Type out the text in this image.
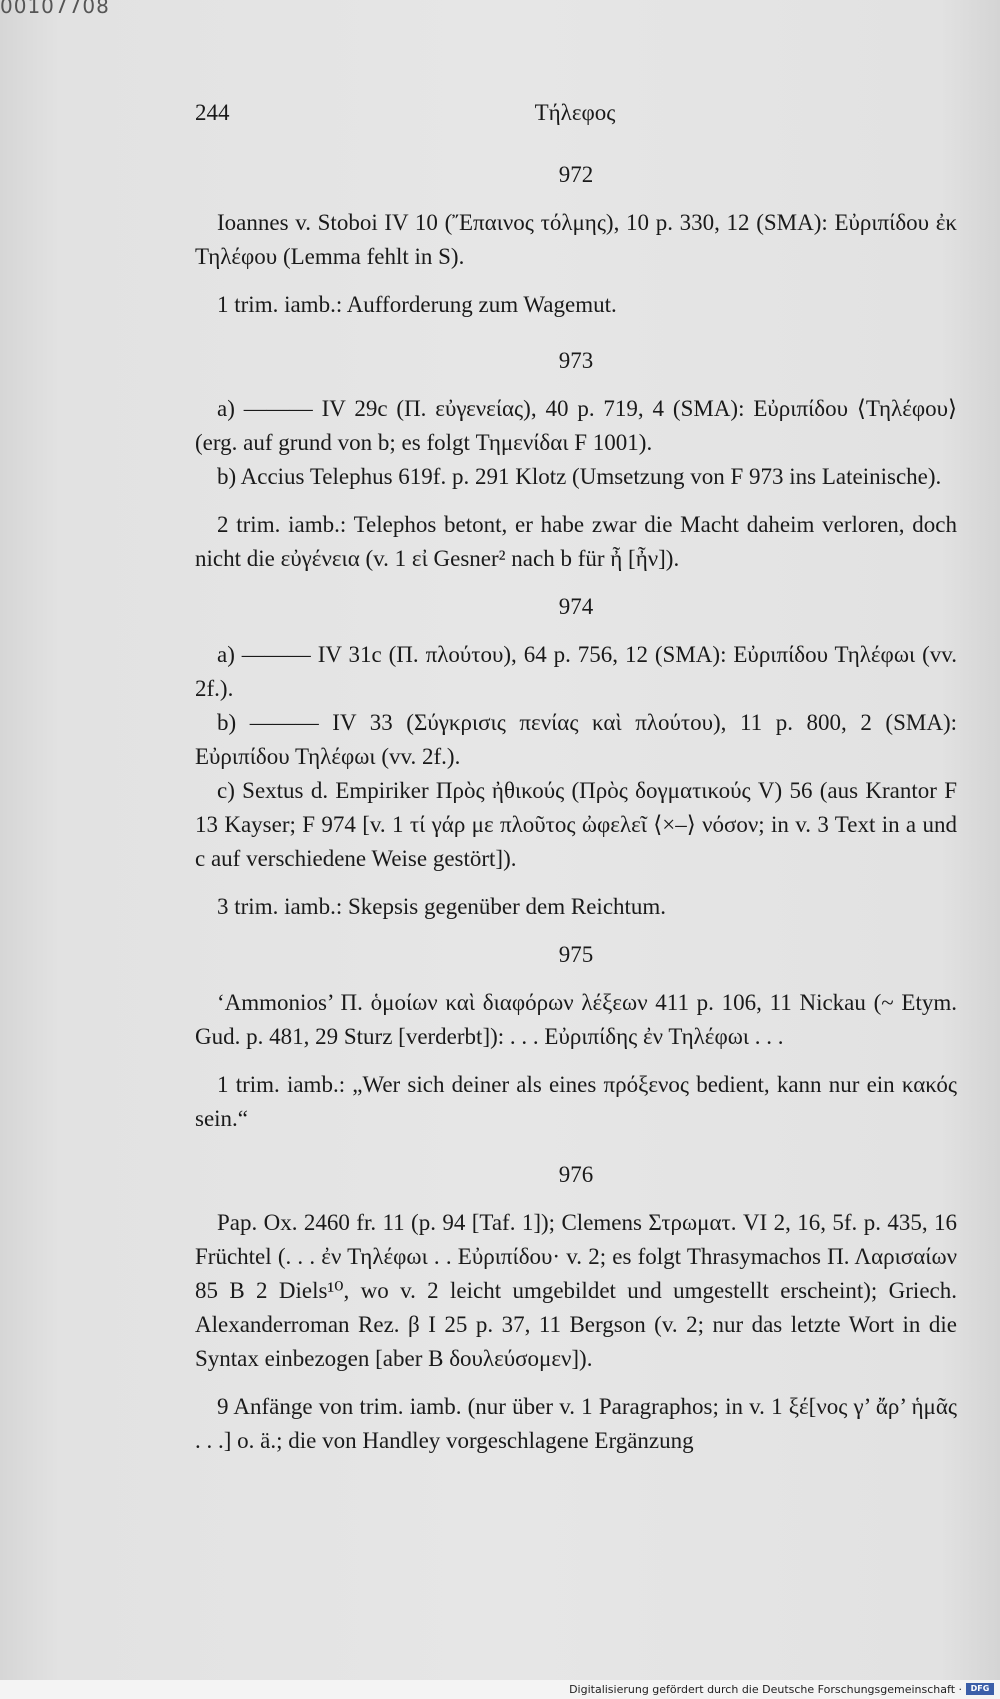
00107708
244	Τήλεφος

972

Ioannes v. Stoboi IV 10 (Ἔπαινος τόλμης), 10 p. 330, 12 (SMA): Εὐριπίδου ἐκ Τηλέφου (Lemma fehlt in S).

1 trim. iamb.: Aufforderung zum Wagemut.

973

a) ——— IV 29c (Π. εὐγενείας), 40 p. 719, 4 (SMA): Εὐριπίδου ⟨Τηλέφου⟩ (erg. auf grund von b; es folgt Τημενίδαι F 1001).

b) Accius Telephus 619f. p. 291 Klotz (Umsetzung von F 973 ins Lateinische).

2 trim. iamb.: Telephos betont, er habe zwar die Macht daheim verloren, doch nicht die εὐγένεια (v. 1 εἰ Gesner² nach b für ἦ [ἦν]).

974

a) ——— IV 31c (Π. πλούτου), 64 p. 756, 12 (SMA): Εὐριπίδου Τηλέφωι (vv. 2f.).

b) ——— IV 33 (Σύγκρισις πενίας καὶ πλούτου), 11 p. 800, 2 (SMA): Εὐριπίδου Τηλέφωι (vv. 2f.).

c) Sextus d. Empiriker Πρὸς ἠθικούς (Πρὸς δογματικούς V) 56 (aus Krantor F 13 Kayser; F 974 [v. 1 τί γάρ με πλοῦτος ὠφελεῖ ⟨×–⟩ νόσον; in v. 3 Text in a und c auf verschiedene Weise gestört]).

3 trim. iamb.: Skepsis gegenüber dem Reichtum.

975

‘Ammonios’ Π. ὁμοίων καὶ διαφόρων λέξεων 411 p. 106, 11 Nickau (~ Etym. Gud. p. 481, 29 Sturz [verderbt]): . . . Εὐριπίδης ἐν Τηλέφωι . . .

1 trim. iamb.: „Wer sich deiner als eines πρόξενος bedient, kann nur ein κακός sein.“

976

Pap. Ox. 2460 fr. 11 (p. 94 [Taf. 1]); Clemens Στρωματ. VI 2, 16, 5f. p. 435, 16 Früchtel (. . . ἐν Τηλέφωι . . Εὐριπίδου· v. 2; es folgt Thrasymachos Π. Λαρισαίων 85 B 2 Diels¹⁰, wo v. 2 leicht umgebildet und umgestellt erscheint); Griech. Alexanderroman Rez. β I 25 p. 37, 11 Bergson (v. 2; nur das letzte Wort in die Syntax einbezogen [aber B δουλεύσομεν]).

9 Anfänge von trim. iamb. (nur über v. 1 Paragraphos; in v. 1 ξέ[νος γ’ ἄρ’ ἡμᾶς . . .] o. ä.; die von Handley vorgeschlagene Ergänzung

Digitalisierung gefördert durch die Deutsche Forschungsgemeinschaft ·	DFG
